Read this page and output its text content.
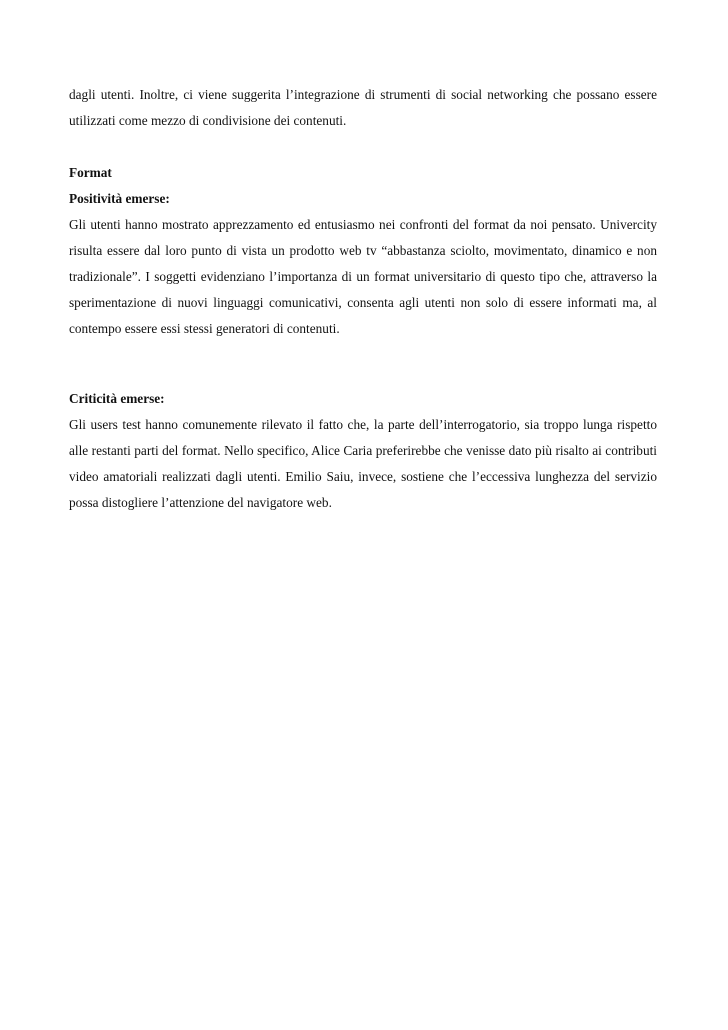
dagli utenti. Inoltre, ci viene suggerita l’integrazione di strumenti di social networking che possano essere utilizzati come mezzo di condivisione dei contenuti.

Format

Positività emerse:

Gli utenti hanno mostrato apprezzamento ed entusiasmo nei confronti del format da noi pensato. Univercity risulta essere dal loro punto di vista un prodotto web tv “abbastanza sciolto, movimentato, dinamico e non tradizionale”. I soggetti evidenziano l’importanza di un format universitario di questo tipo che, attraverso la sperimentazione di nuovi linguaggi comunicativi, consenta agli utenti non solo di essere informati ma, al contempo essere essi stessi generatori di contenuti.

Criticità emerse:

Gli users test hanno comunemente rilevato il fatto che, la parte dell’interrogatorio, sia troppo lunga rispetto alle restanti parti del format. Nello specifico, Alice Caria preferirebbe che venisse dato più risalto ai contributi video amatoriali realizzati dagli utenti. Emilio Saiu, invece, sostiene che l’eccessiva lunghezza del servizio possa distogliere l’attenzione del navigatore web.
